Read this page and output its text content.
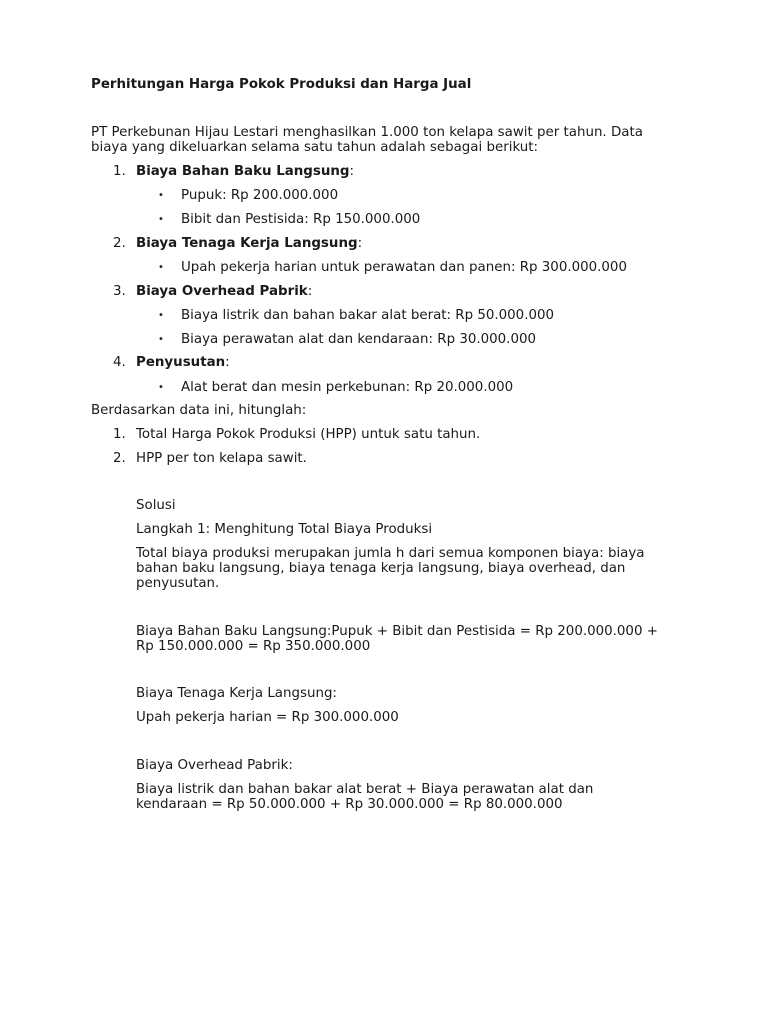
Perhitungan Harga Pokok Produksi dan Harga Jual
PT Perkebunan Hijau Lestari menghasilkan 1.000 ton kelapa sawit per tahun. Data
biaya yang dikeluarkan selama satu tahun adalah sebagai berikut:
1. Biaya Bahan Baku Langsung:
• Pupuk: Rp 200.000.000
• Bibit dan Pestisida: Rp 150.000.000
2. Biaya Tenaga Kerja Langsung:
• Upah pekerja harian untuk perawatan dan panen: Rp 300.000.000
3. Biaya Overhead Pabrik:
• Biaya listrik dan bahan bakar alat berat: Rp 50.000.000
• Biaya perawatan alat dan kendaraan: Rp 30.000.000
4. Penyusutan:
• Alat berat dan mesin perkebunan: Rp 20.000.000
Berdasarkan data ini, hitunglah:
1. Total Harga Pokok Produksi (HPP) untuk satu tahun.
2. HPP per ton kelapa sawit.
Solusi
Langkah 1: Menghitung Total Biaya Produksi
Total biaya produksi merupakan jumla h dari semua komponen biaya: biaya
bahan baku langsung, biaya tenaga kerja langsung, biaya overhead, dan
penyusutan.
Biaya Bahan Baku Langsung:Pupuk + Bibit dan Pestisida = Rp 200.000.000 +
Rp 150.000.000 = Rp 350.000.000
Biaya Tenaga Kerja Langsung:
Upah pekerja harian = Rp 300.000.000
Biaya Overhead Pabrik:
Biaya listrik dan bahan bakar alat berat + Biaya perawatan alat dan
kendaraan = Rp 50.000.000 + Rp 30.000.000 = Rp 80.000.000
